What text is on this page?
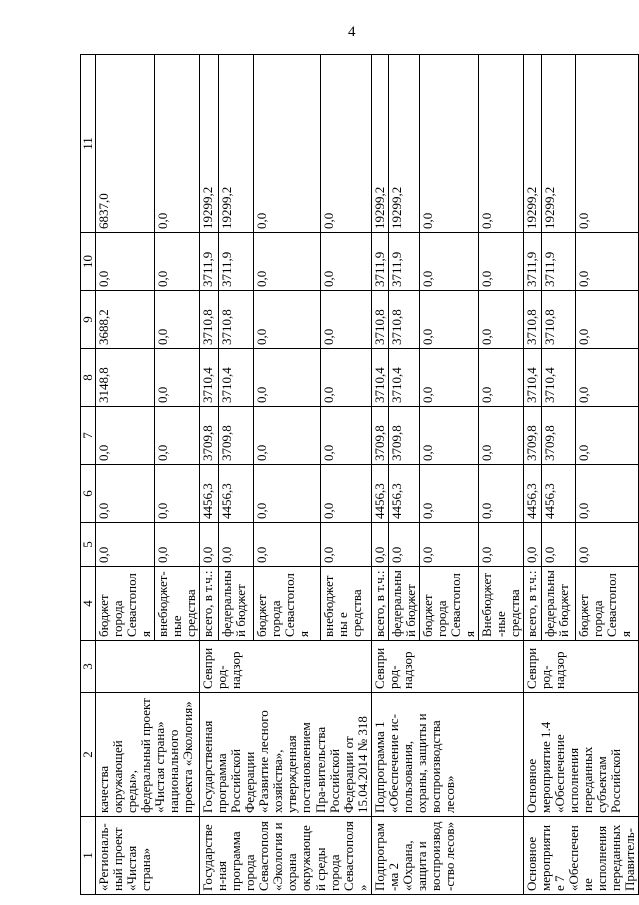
4
1	2	3	4	5	6	7	8	9	10	11
«Региональ-ный проект «Чистая страна»	качества окружающей среды», федеральный проект «Чистая страна» национального проекта «Экология»		бюджет города Севастополя	0,0	0,0	0,0	3148,8	3688,2	0,0	6837,0
			внебюджет-ные средства	0,0	0,0	0,0	0,0	0,0	0,0	0,0
Государствен-ная программа города Севастополя «Экология и охрана окружающей среды города Севастополя»	Государственная программа Российской Федерации «Развитие лесного хозяйства», утвержденная постановлением Пра-вительства Российской Федерации от 15.04.2014 № 318	Севприрод-надзор	всего, в т.ч.:	0,0	4456,3	3709,8	3710,4	3710,8	3711,9	19299,2
			федеральный бюджет	0,0	4456,3	3709,8	3710,4	3710,8	3711,9	19299,2
			бюджет города Севастополя	0,0	0,0	0,0	0,0	0,0	0,0	0,0
			внебюджетны е средства	0,0	0,0	0,0	0,0	0,0	0,0	0,0
Подпрограм-ма 2 «Охрана, защита и воспроизвод-ство лесов»	Подпрограмма 1 «Обеспечение ис-пользования, охраны, защиты и воспроизводства лесов»	Севприрод-надзор	всего, в т.ч.:	0,0	4456,3	3709,8	3710,4	3710,8	3711,9	19299,2
			федеральный бюджет	0,0	4456,3	3709,8	3710,4	3710,8	3711,9	19299,2
			бюджет города Севастополя	0,0	0,0	0,0	0,0	0,0	0,0	0,0
			Внебюджет-ные средства	0,0	0,0	0,0	0,0	0,0	0,0	0,0
Основное мероприятие 7 «Обеспечение исполнения переданных Правитель-	Основное мероприятие 1.4 «Обеспечение исполнения переданных субъектам Российской	Севприрод-надзор	всего, в т.ч.:	0,0	4456,3	3709,8	3710,4	3710,8	3711,9	19299,2
			федеральный бюджет	0,0	4456,3	3709,8	3710,4	3710,8	3711,9	19299,2
			бюджет города Севастополя	0,0	0,0	0,0	0,0	0,0	0,0	0,0
